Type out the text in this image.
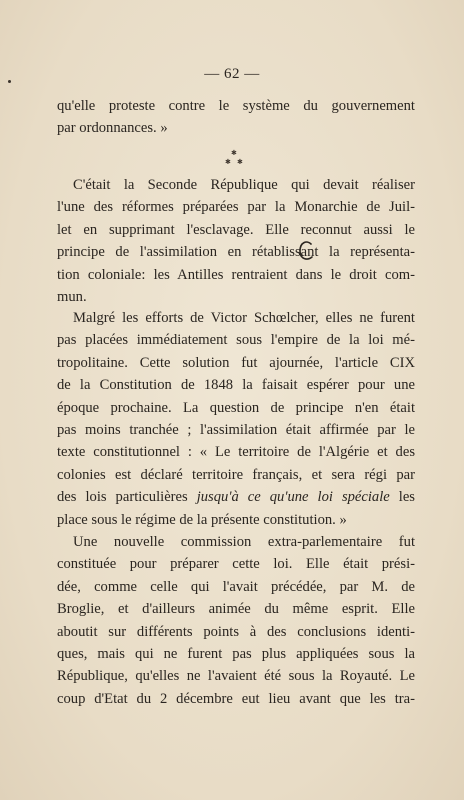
— 62 —
qu'elle proteste contre le système du gouvernement
par ordonnances. »
✱
✱ ✱
C'était la Seconde République qui devait réaliser
l'une des réformes préparées par la Monarchie de Juil-
let en supprimant l'esclavage. Elle reconnut aussi le
principe de l'assimilation en rétablissant la représenta-
tion coloniale: les Antilles rentraient dans le droit com-
mun.
Malgré les efforts de Victor Schœlcher, elles ne furent
pas placées immédiatement sous l'empire de la loi mé-
tropolitaine. Cette solution fut ajournée, l'article CIX
de la Constitution de 1848 la faisait espérer pour une
époque prochaine. La question de principe n'en était
pas moins tranchée ; l'assimilation était affirmée par le
texte constitutionnel : « Le territoire de l'Algérie et des
colonies est déclaré territoire français, et sera régi par
des lois particulières jusqu'à ce qu'une loi spéciale les
place sous le régime de la présente constitution. »
Une nouvelle commission extra-parlementaire fut
constituée pour préparer cette loi. Elle était prési-
dée, comme celle qui l'avait précédée, par M. de
Broglie, et d'ailleurs animée du même esprit. Elle
aboutit sur différents points à des conclusions identi-
ques, mais qui ne furent pas plus appliquées sous la
République, qu'elles ne l'avaient été sous la Royauté. Le
coup d'Etat du 2 décembre eut lieu avant que les tra-
